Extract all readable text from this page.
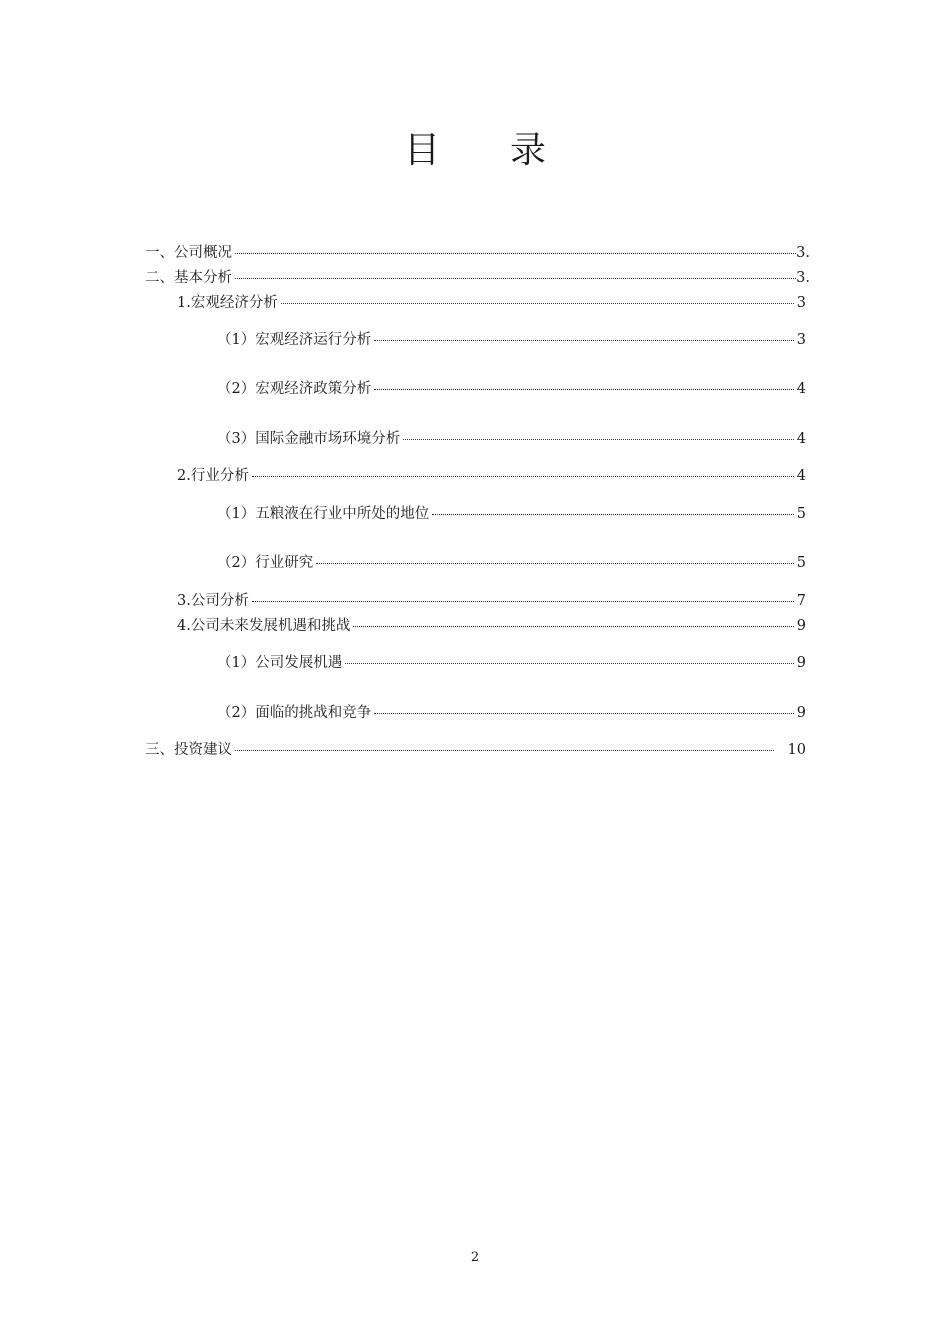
目 录
一、公司概况	3.
二、基本分析	3.
1.宏观经济分析	3
（1）宏观经济运行分析	3
（2）宏观经济政策分析	4
（3）国际金融市场环境分析	4
2.行业分析	4
（1）五粮液在行业中所处的地位	5
（2）行业研究	5
3.公司分析	7
4.公司未来发展机遇和挑战	9
（1）公司发展机遇	9
（2）面临的挑战和竞争	9
三、投资建议	10
2
